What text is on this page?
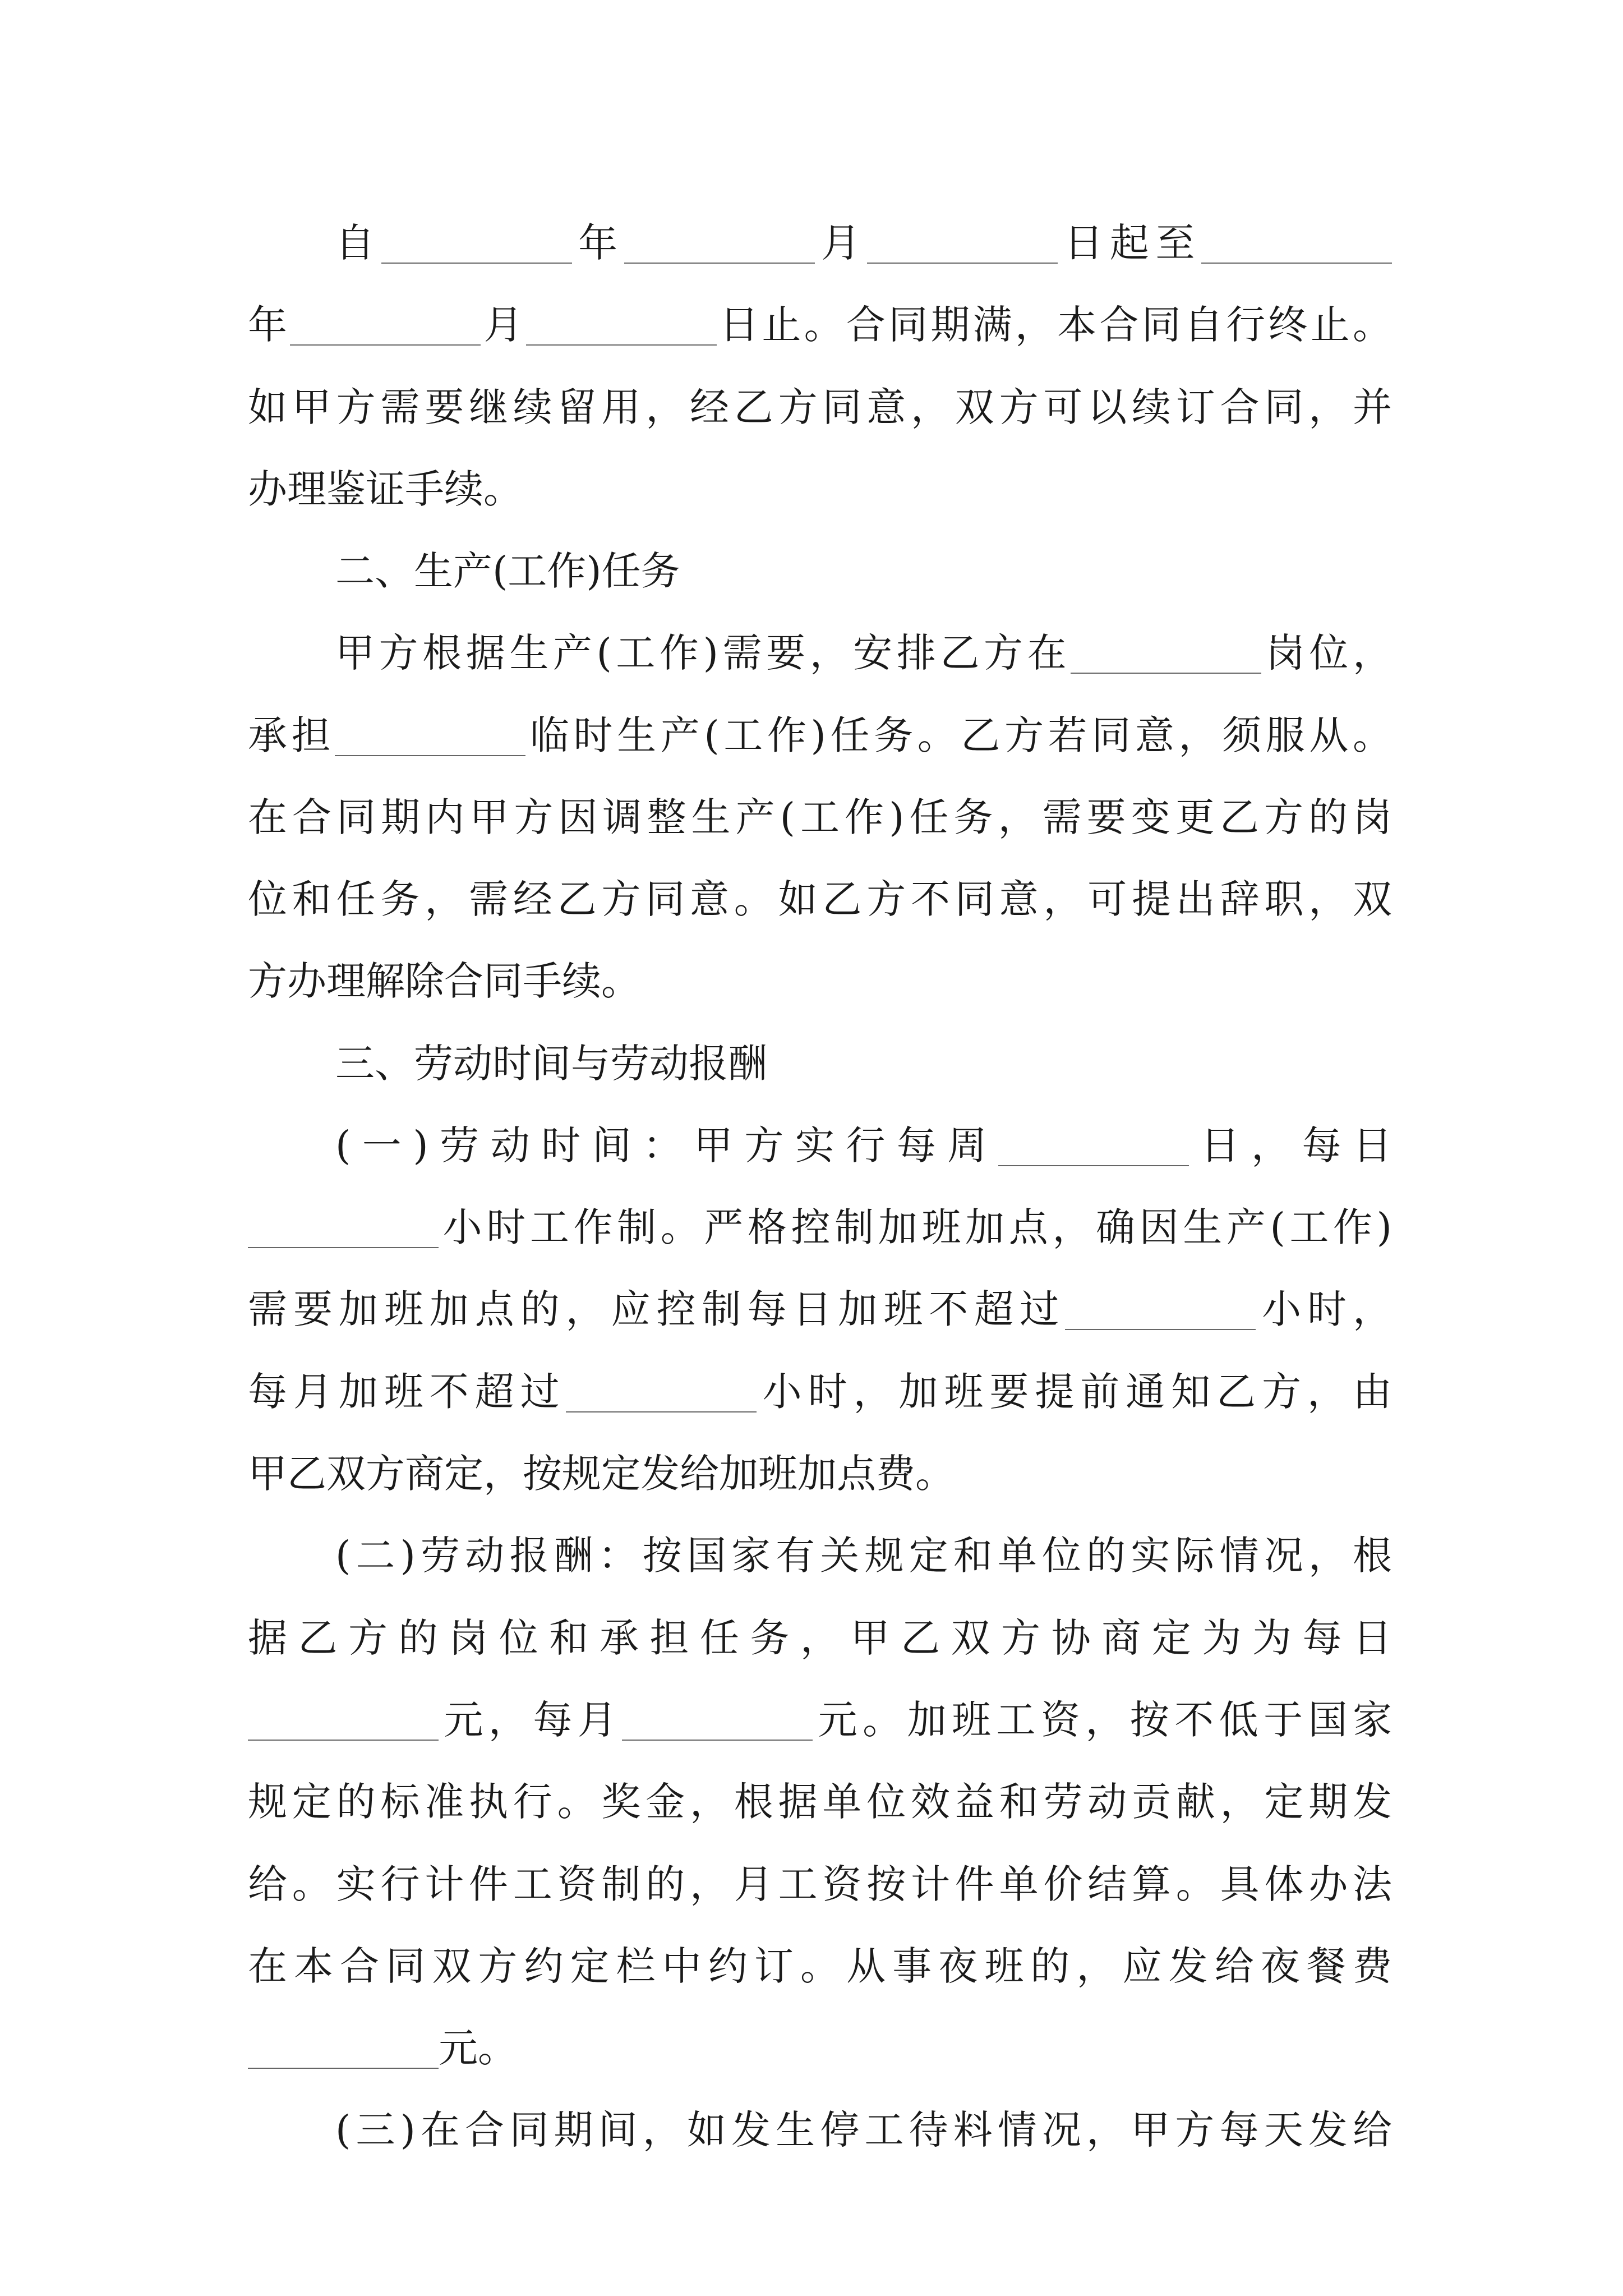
自	年	月	日起至
年	月	日止。合同期满，本合同自行终止。
如甲方需要继续留用，经乙方同意，双方可以续订合同，并
办理鉴证手续。
二、生产(工作)任务
甲方根据生产(工作)需要，安排乙方在	岗位，
承担	临时生产(工作)任务。乙方若同意，须服从。
在合同期内甲方因调整生产(工作)任务，需要变更乙方的岗
位和任务，需经乙方同意。如乙方不同意，可提出辞职，双
方办理解除合同手续。
三、劳动时间与劳动报酬
(一)劳动时间：甲方实行每周	日，每日
小时工作制。严格控制加班加点，确因生产(工作)
需要加班加点的，应控制每日加班不超过	小时，
每月加班不超过	小时，加班要提前通知乙方，由
甲乙双方商定，按规定发给加班加点费。
(二)劳动报酬：按国家有关规定和单位的实际情况，根
据乙方的岗位和承担任务，甲乙双方协商定为为每日
元，每月	元。加班工资，按不低于国家
规定的标准执行。奖金，根据单位效益和劳动贡献，定期发
给。实行计件工资制的，月工资按计件单价结算。具体办法
在本合同双方约定栏中约订。从事夜班的，应发给夜餐费
元。
(三)在合同期间，如发生停工待料情况，甲方每天发给
